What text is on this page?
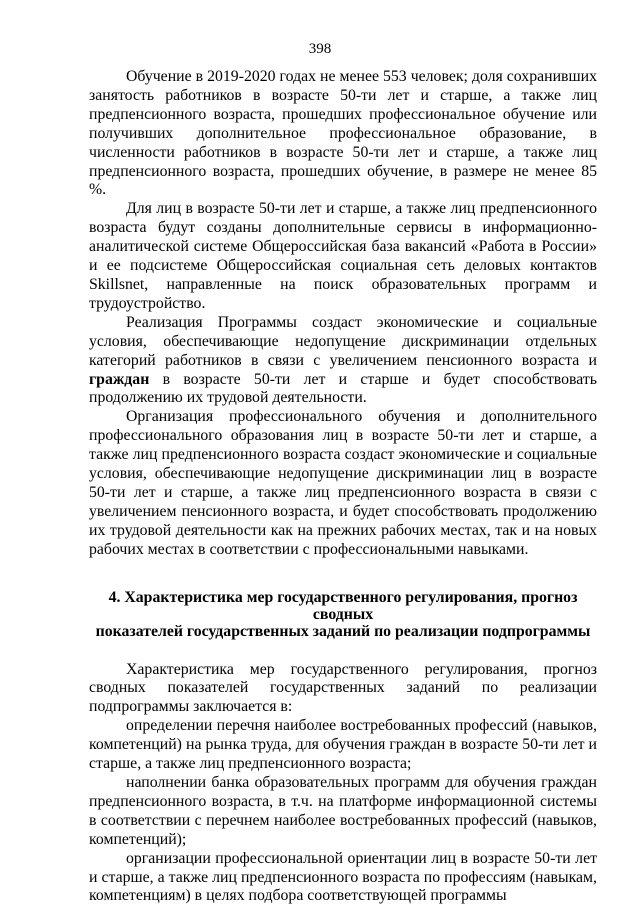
398

Обучение в 2019-2020 годах не менее 553 человек; доля сохранивших занятость работников в возрасте 50-ти лет и старше, а также лиц предпенсионного возраста, прошедших профессиональное обучение или получивших дополнительное профессиональное образование, в численности работников в возрасте 50-ти лет и старше, а также лиц предпенсионного возраста, прошедших обучение, в размере не менее 85 %.

Для лиц в возрасте 50-ти лет и старше, а также лиц предпенсионного возраста будут созданы дополнительные сервисы в информационно-аналитической системе Общероссийская база вакансий «Работа в России» и ее подсистеме Общероссийская социальная сеть деловых контактов Skillsnet, направленные на поиск образовательных программ и трудоустройство.

Реализация Программы создаст экономические и социальные условия, обеспечивающие недопущение дискриминации отдельных категорий работников в связи с увеличением пенсионного возраста и граждан в возрасте 50-ти лет и старше и будет способствовать продолжению их трудовой деятельности.

Организация профессионального обучения и дополнительного профессионального образования лиц в возрасте 50-ти лет и старше, а также лиц предпенсионного возраста создаст экономические и социальные условия, обеспечивающие недопущение дискриминации лиц в возрасте 50-ти лет и старше, а также лиц предпенсионного возраста в связи с увеличением пенсионного возраста, и будет способствовать продолжению их трудовой деятельности как на прежних рабочих местах, так и на новых рабочих местах в соответствии с профессиональными навыками.

4. Характеристика мер государственного регулирования, прогноз сводных
показателей государственных заданий по реализации подпрограммы

Характеристика мер государственного регулирования, прогноз сводных показателей государственных заданий по реализации подпрограммы заключается в:

определении перечня наиболее востребованных профессий (навыков, компетенций) на рынка труда, для обучения граждан в возрасте 50-ти лет и старше, а также лиц предпенсионного возраста;

наполнении банка образовательных программ для обучения граждан предпенсионного возраста, в т.ч. на платформе информационной системы в соответствии с перечнем наиболее востребованных профессий (навыков, компетенций);

организации профессиональной ориентации лиц в возрасте 50-ти лет и старше, а также лиц предпенсионного возраста по профессиям (навыкам, компетенциям) в целях подбора соответствующей программы
